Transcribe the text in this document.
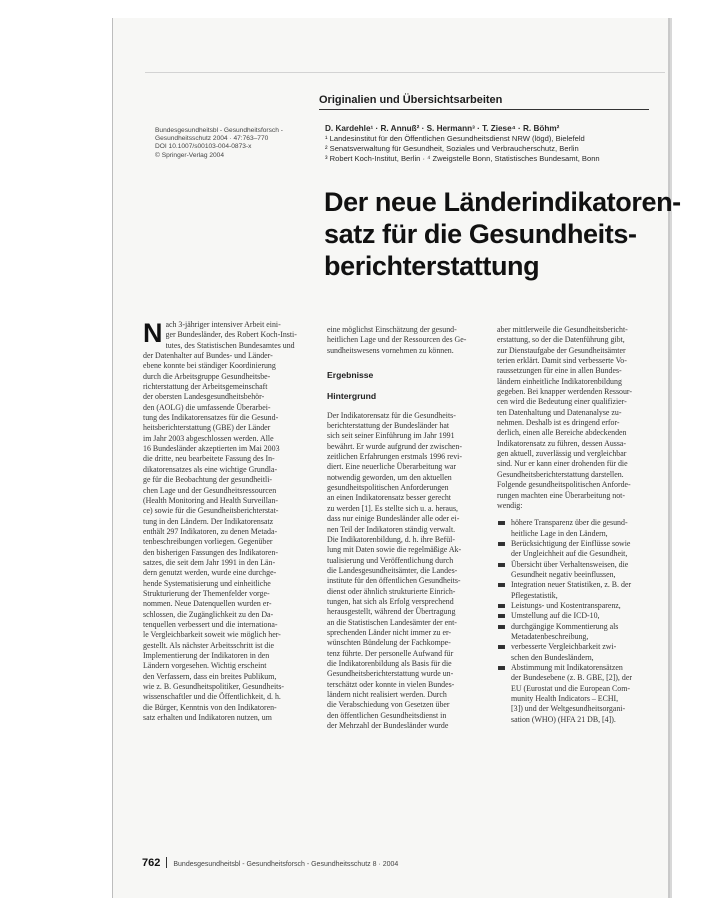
Originalien und Übersichtsarbeiten
Bundesgesundheitsbl - Gesundheitsforsch -
Gesundheitsschutz 2004 · 47:763–770
DOI 10.1007/s00103-004-0873-x
© Springer-Verlag 2004
D. Kardehle¹ · R. Annuß² · S. Hermann³ · T. Ziese⁴ · R. Böhm²
¹ Landesinstitut für den Öffentlichen Gesundheitsdienst NRW (lögd), Bielefeld
² Senatsverwaltung für Gesundheit, Soziales und Verbraucherschutz, Berlin
³ Robert Koch-Institut, Berlin · ⁴ Zweigstelle Bonn, Statistisches Bundesamt, Bonn
Der neue Länderindikatoren-
satz für die Gesundheits-
berichterstattung
N ach 3-jähriger intensiver Arbeit eini-
ger Bundesländer, des Robert Koch-Insti-
tutes, des Statistischen Bundesamtes und
der Datenhalter auf Bundes- und Länder-
ebene konnte bei ständiger Koordinierung
durch die Arbeitsgruppe Gesundheitsbe-
richterstattung der Arbeitsgemeinschaft
der obersten Landesgesundheitsbehör-
den (AOLG) die umfassende Überarbei-
tung des Indikatorensatzes für die Gesund-
heitsberichterstattung (GBE) der Länder
im Jahr 2003 abgeschlossen werden. Alle
16 Bundesländer akzeptierten im Mai 2003
die dritte, neu bearbeitete Fassung des In-
dikatorensatzes als eine wichtige Grundla-
ge für die Beobachtung der gesundheitli-
chen Lage und der Gesundheitsressourcen
(Health Monitoring and Health Surveillan-
ce) sowie für die Gesundheitsberichterstat-
tung in den Ländern. Der Indikatorensatz
enthält 297 Indikatoren, zu denen Metada-
tenbeschreibungen vorliegen. Gegenüber
den bisherigen Fassungen des Indikatoren-
satzes, die seit dem Jahr 1991 in den Län-
dern genutzt werden, wurde eine durchge-
hende Systematisierung und einheitliche
Strukturierung der Themenfelder vorge-
nommen. Neue Datenquellen wurden er-
schlossen, die Zugänglichkeit zu den Da-
tenquellen verbessert und die internationa-
le Vergleichbarkeit soweit wie möglich her-
gestellt. Als nächster Arbeitsschritt ist die
Implementierung der Indikatoren in den
Ländern vorgesehen. Wichtig erscheint
den Verfassern, dass ein breites Publikum,
wie z. B. Gesundheitspolitiker, Gesundheits-
wissenschaftler und die Öffentlichkeit, d. h.
die Bürger, Kenntnis von den Indikatoren-
satz erhalten und Indikatoren nutzen, um
eine möglichst Einschätzung der gesund-
heitlichen Lage und der Ressourcen des Ge-
sundheitswesens vornehmen zu können.
Ergebnisse
Hintergrund
Der Indikatorensatz für die Gesundheits-
berichterstattung der Bundesländer hat
sich seit seiner Einführung im Jahr 1991
bewährt. Er wurde aufgrund der zwischen-
zeitlichen Erfahrungen erstmals 1996 revi-
diert. Eine neuerliche Überarbeitung war
notwendig geworden, um den aktuellen
gesundheitspolitischen Anforderungen
an einen Indikatorensatz besser gerecht
zu werden [1]. Es stellte sich u. a. heraus,
dass nur einige Bundesländer alle oder ei-
nen Teil der Indikatoren ständig verwalt.
Die Indikatorenbildung, d. h. ihre Befül-
lung mit Daten sowie die regelmäßige Ak-
tualisierung und Veröffentlichung durch
die Landesgesundheitsämter, die Landes-
institute für den öffentlichen Gesundheits-
dienst oder ähnlich strukturierte Einrich-
tungen, hat sich als Erfolg versprechend
herausgestellt, während der Übertragung
an die Statistischen Landesämter der ent-
sprechenden Länder nicht immer zu er-
wünschten Bündelung der Fachkompe-
tenz führte. Der personelle Aufwand für
die Indikatorenbildung als Basis für die
Gesundheitsberichterstattung wurde un-
terschätzt oder konnte in vielen Bundes-
ländern nicht realisiert werden. Durch
die Verabschiedung von Gesetzen über
den öffentlichen Gesundheitsdienst in
der Mehrzahl der Bundesländer wurde
aber mittlerweile die Gesundheitsbericht-
erstattung, so der die Datenführung gibt,
zur Dienstaufgabe der Gesundheitsämter
terien erklärt. Damit sind verbesserte Vo-
raussetzungen für eine in allen Bundes-
ländern einheitliche Indikatorenbildung
gegeben. Bei knapper werdenden Ressour-
cen wird die Bedeutung einer qualifizier-
ten Datenhaltung und Datenanalyse zu-
nehmen. Deshalb ist es dringend erfor-
derlich, einen alle Bereiche abdeckenden
Indikatorensatz zu führen, dessen Aussa-
gen aktuell, zuverlässig und vergleichbar
sind. Nur er kann einer drohenden für die
Gesundheitsberichterstattung darstellen.
Folgende gesundheitspolitischen Anforde-
rungen machten eine Überarbeitung not-
wendig:
höhere Transparenz über die gesund-
heitliche Lage in den Ländern,
Berücksichtigung der Einflüsse sowie
der Ungleichheit auf die Gesundheit,
Übersicht über Verhaltensweisen, die
Gesundheit negativ beeinflussen,
Integration neuer Statistiken, z. B. der
Pflegestatistik,
Leistungs- und Kostentransparenz,
Umstellung auf die ICD-10,
durchgängige Kommentierung als
Metadatenbeschreibung,
verbesserte Vergleichbarkeit zwi-
schen den Bundesländern,
Abstimmung mit Indikatorensätzen
der Bundesebene (z. B. GBE, [2]), der
EU (Eurostat und die European Com-
munity Health Indicators – ECHI,
[3]) und der Weltgesundheitsorgani-
sation (WHO) (HFA 21 DB, [4]).
762 Bundesgesundheitsbl - Gesundheitsforsch - Gesundheitsschutz 8 · 2004
